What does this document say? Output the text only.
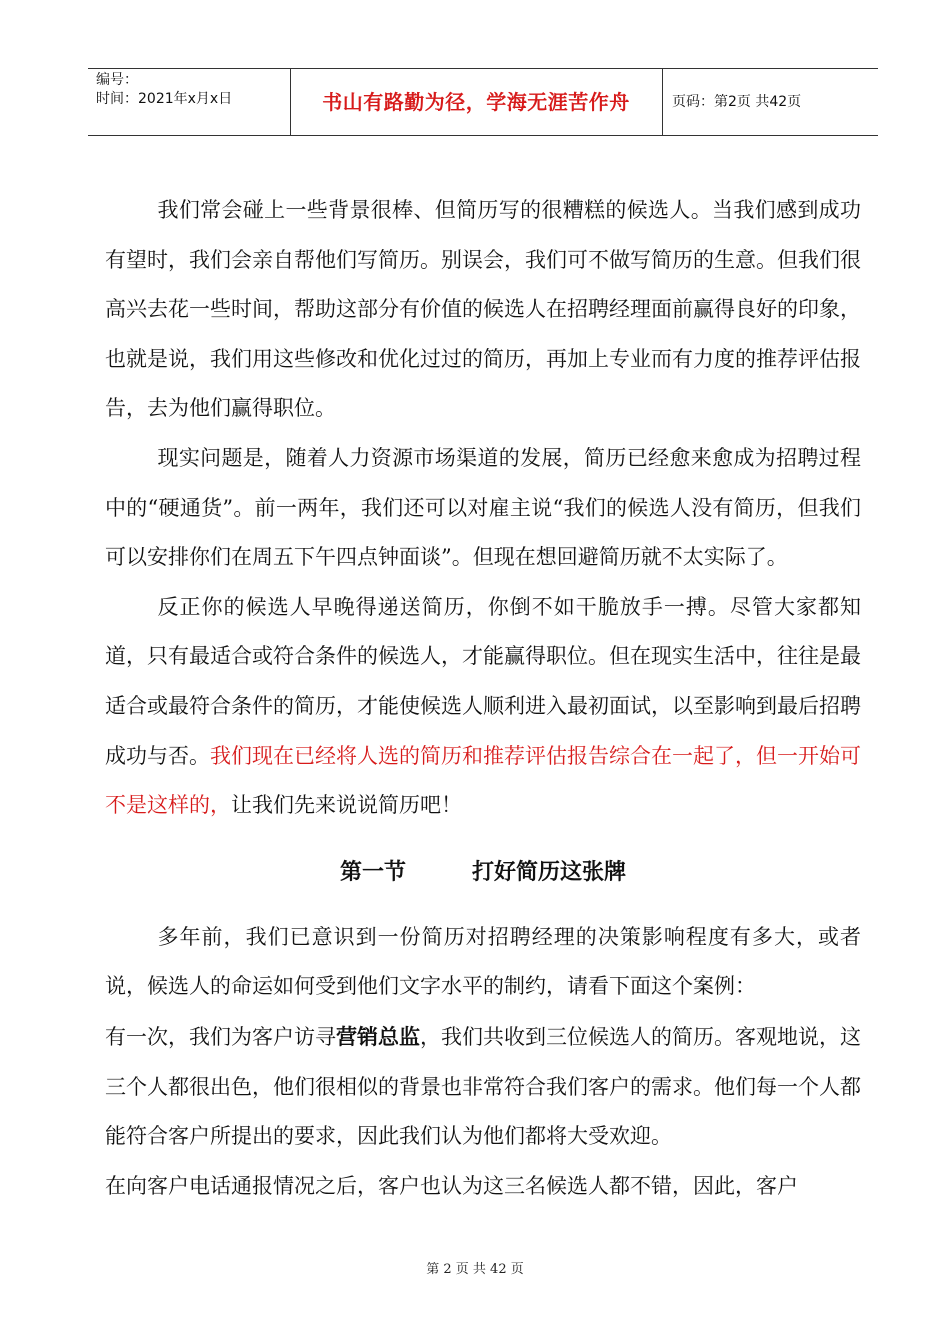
编号：
时间：2021年x月x日	书山有路勤为径，学海无涯苦作舟	页码：第2页 共42页

我们常会碰上一些背景很棒、但简历写的很糟糕的候选人。当我们感到成功有望时，我们会亲自帮他们写简历。别误会，我们可不做写简历的生意。但我们很高兴去花一些时间，帮助这部分有价值的候选人在招聘经理面前赢得良好的印象，也就是说，我们用这些修改和优化过过的简历，再加上专业而有力度的推荐评估报告，去为他们赢得职位。

现实问题是，随着人力资源市场渠道的发展，简历已经愈来愈成为招聘过程中的“硬通货”。前一两年，我们还可以对雇主说“我们的候选人没有简历，但我们可以安排你们在周五下午四点钟面谈”。但现在想回避简历就不太实际了。

反正你的候选人早晚得递送简历，你倒不如干脆放手一搏。尽管大家都知道，只有最适合或符合条件的候选人，才能赢得职位。但在现实生活中，往往是最适合或最符合条件的简历，才能使候选人顺利进入最初面试，以至影响到最后招聘成功与否。我们现在已经将人选的简历和推荐评估报告综合在一起了，但一开始可不是这样的，让我们先来说说简历吧！

第一节	打好简历这张牌

多年前，我们已意识到一份简历对招聘经理的决策影响程度有多大，或者说，候选人的命运如何受到他们文字水平的制约，请看下面这个案例：

有一次，我们为客户访寻营销总监，我们共收到三位候选人的简历。客观地说，这三个人都很出色，他们很相似的背景也非常符合我们客户的需求。他们每一个人都能符合客户所提出的要求，因此我们认为他们都将大受欢迎。

在向客户电话通报情况之后，客户也认为这三名候选人都不错，因此，客户

第 2 页 共 42 页
